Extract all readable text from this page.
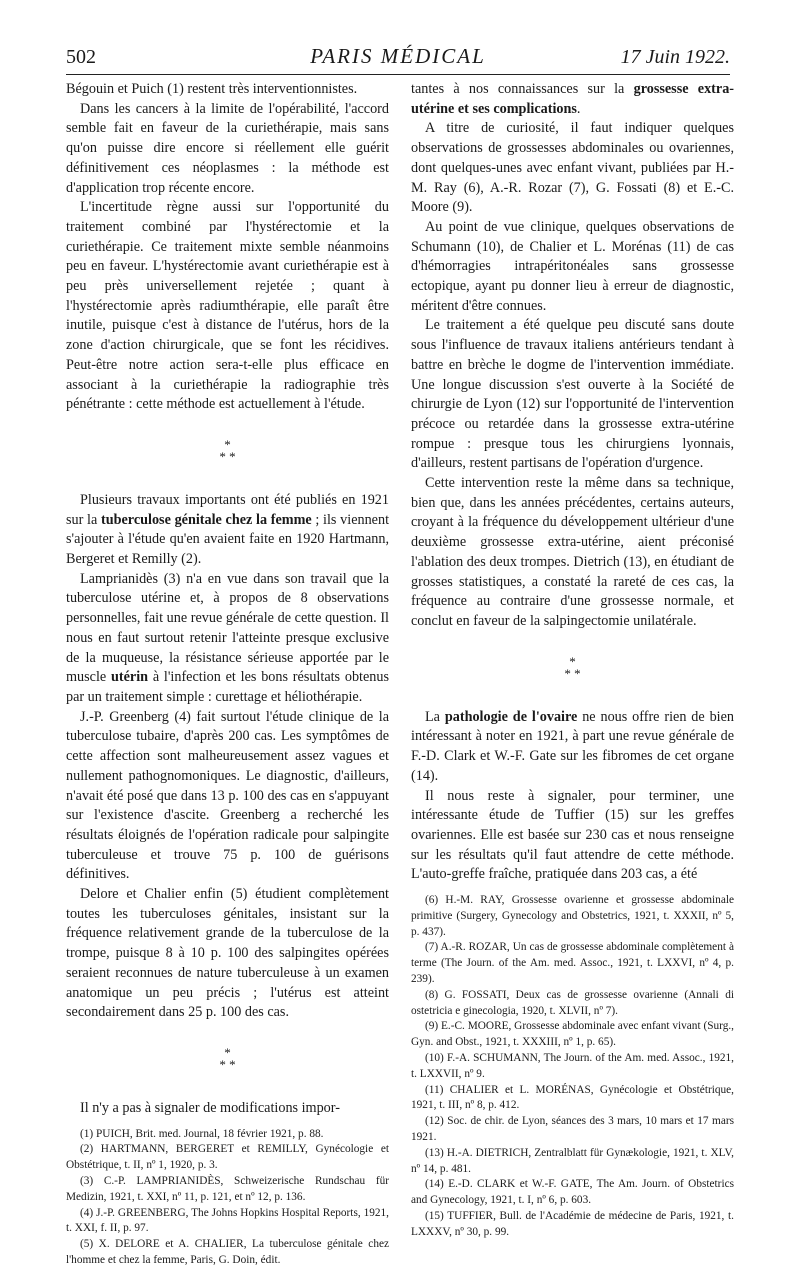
502	PARIS MÉDICAL	17 Juin 1922.

Bégouin et Puich (1) restent très interventionnistes.

Dans les cancers à la limite de l'opérabilité, l'accord semble fait en faveur de la curiethérapie, mais sans qu'on puisse dire encore si réellement elle guérit définitivement ces néoplasmes : la méthode est d'application trop récente encore.

L'incertitude règne aussi sur l'opportunité du traitement combiné par l'hystérectomie et la curiethérapie. Ce traitement mixte semble néanmoins peu en faveur. L'hystérectomie avant curiethérapie est à peu près universellement rejetée ; quant à l'hystérectomie après radiumthérapie, elle paraît être inutile, puisque c'est à distance de l'utérus, hors de la zone d'action chirurgicale, que se font les récidives. Peut-être notre action sera-t-elle plus efficace en associant à la curiethérapie la radiographie très pénétrante : cette méthode est actuellement à l'étude.

*
* *

Plusieurs travaux importants ont été publiés en 1921 sur la tuberculose génitale chez la femme ; ils viennent s'ajouter à l'étude qu'en avaient faite en 1920 Hartmann, Bergeret et Remilly (2).

Lamprianidès (3) n'a en vue dans son travail que la tuberculose utérine et, à propos de 8 observations personnelles, fait une revue générale de cette question. Il nous en faut surtout retenir l'atteinte presque exclusive de la muqueuse, la résistance sérieuse apportée par le muscle utérin à l'infection et les bons résultats obtenus par un traitement simple : curettage et héliothérapie.

J.-P. Greenberg (4) fait surtout l'étude clinique de la tuberculose tubaire, d'après 200 cas. Les symptômes de cette affection sont malheureusement assez vagues et nullement pathognomoniques. Le diagnostic, d'ailleurs, n'avait été posé que dans 13 p. 100 des cas en s'appuyant sur l'existence d'ascite. Greenberg a recherché les résultats éloignés de l'opération radicale pour salpingite tuberculeuse et trouve 75 p. 100 de guérisons définitives.

Delore et Chalier enfin (5) étudient complètement toutes les tuberculoses génitales, insistant sur la fréquence relativement grande de la tuberculose de la trompe, puisque 8 à 10 p. 100 des salpingites opérées seraient reconnues de nature tuberculeuse à un examen anatomique un peu précis ; l'utérus est atteint secondairement dans 25 p. 100 des cas.

*
* *

Il n'y a pas à signaler de modifications impor-

(1) PUICH, Brit. med. Journal, 18 février 1921, p. 88.
(2) HARTMANN, BERGERET et REMILLY, Gynécologie et Obstétrique, t. II, nº 1, 1920, p. 3.
(3) C.-P. LAMPRIANIDÈS, Schweizerische Rundschau für Medizin, 1921, t. XXI, nº 11, p. 121, et nº 12, p. 136.
(4) J.-P. GREENBERG, The Johns Hopkins Hospital Reports, 1921, t. XXI, f. II, p. 97.
(5) X. DELORE et A. CHALIER, La tuberculose génitale chez l'homme et chez la femme, Paris, G. Doin, édit.

tantes à nos connaissances sur la grossesse extra-utérine et ses complications.

A titre de curiosité, il faut indiquer quelques observations de grossesses abdominales ou ovariennes, dont quelques-unes avec enfant vivant, publiées par H.-M. Ray (6), A.-R. Rozar (7), G. Fossati (8) et E.-C. Moore (9).

Au point de vue clinique, quelques observations de Schumann (10), de Chalier et L. Morénas (11) de cas d'hémorragies intrapéritonéales sans grossesse ectopique, ayant pu donner lieu à erreur de diagnostic, méritent d'être connues.

Le traitement a été quelque peu discuté sans doute sous l'influence de travaux italiens antérieurs tendant à battre en brèche le dogme de l'intervention immédiate. Une longue discussion s'est ouverte à la Société de chirurgie de Lyon (12) sur l'opportunité de l'intervention précoce ou retardée dans la grossesse extra-utérine rompue : presque tous les chirurgiens lyonnais, d'ailleurs, restent partisans de l'opération d'urgence.

Cette intervention reste la même dans sa technique, bien que, dans les années précédentes, certains auteurs, croyant à la fréquence du développement ultérieur d'une deuxième grossesse extra-utérine, aient préconisé l'ablation des deux trompes. Dietrich (13), en étudiant de grosses statistiques, a constaté la rareté de ces cas, la fréquence au contraire d'une grossesse normale, et conclut en faveur de la salpingectomie unilatérale.

*
* *

La pathologie de l'ovaire ne nous offre rien de bien intéressant à noter en 1921, à part une revue générale de F.-D. Clark et W.-F. Gate sur les fibromes de cet organe (14).

Il nous reste à signaler, pour terminer, une intéressante étude de Tuffier (15) sur les greffes ovariennes. Elle est basée sur 230 cas et nous renseigne sur les résultats qu'il faut attendre de cette méthode. L'auto-greffe fraîche, pratiquée dans 203 cas, a été

(6) H.-M. RAY, Grossesse ovarienne et grossesse abdominale primitive (Surgery, Gynecology and Obstetrics, 1921, t. XXXII, nº 5, p. 437).
(7) A.-R. ROZAR, Un cas de grossesse abdominale complètement à terme (The Journ. of the Am. med. Assoc., 1921, t. LXXVI, nº 4, p. 239).
(8) G. FOSSATI, Deux cas de grossesse ovarienne (Annali di ostetricia e ginecologia, 1920, t. XLVII, nº 7).
(9) E.-C. MOORE, Grossesse abdominale avec enfant vivant (Surg., Gyn. and Obst., 1921, t. XXXIII, nº 1, p. 65).
(10) F.-A. SCHUMANN, The Journ. of the Am. med. Assoc., 1921, t. LXXVII, nº 9.
(11) CHALIER et L. MORÉNAS, Gynécologie et Obstétrique, 1921, t. III, nº 8, p. 412.
(12) Soc. de chir. de Lyon, séances des 3 mars, 10 mars et 17 mars 1921.
(13) H.-A. DIETRICH, Zentralblatt für Gynækologie, 1921, t. XLV, nº 14, p. 481.
(14) E.-D. CLARK et W.-F. GATE, The Am. Journ. of Obstetrics and Gynecology, 1921, t. I, nº 6, p. 603.
(15) TUFFIER, Bull. de l'Académie de médecine de Paris, 1921, t. LXXXV, nº 30, p. 99.
